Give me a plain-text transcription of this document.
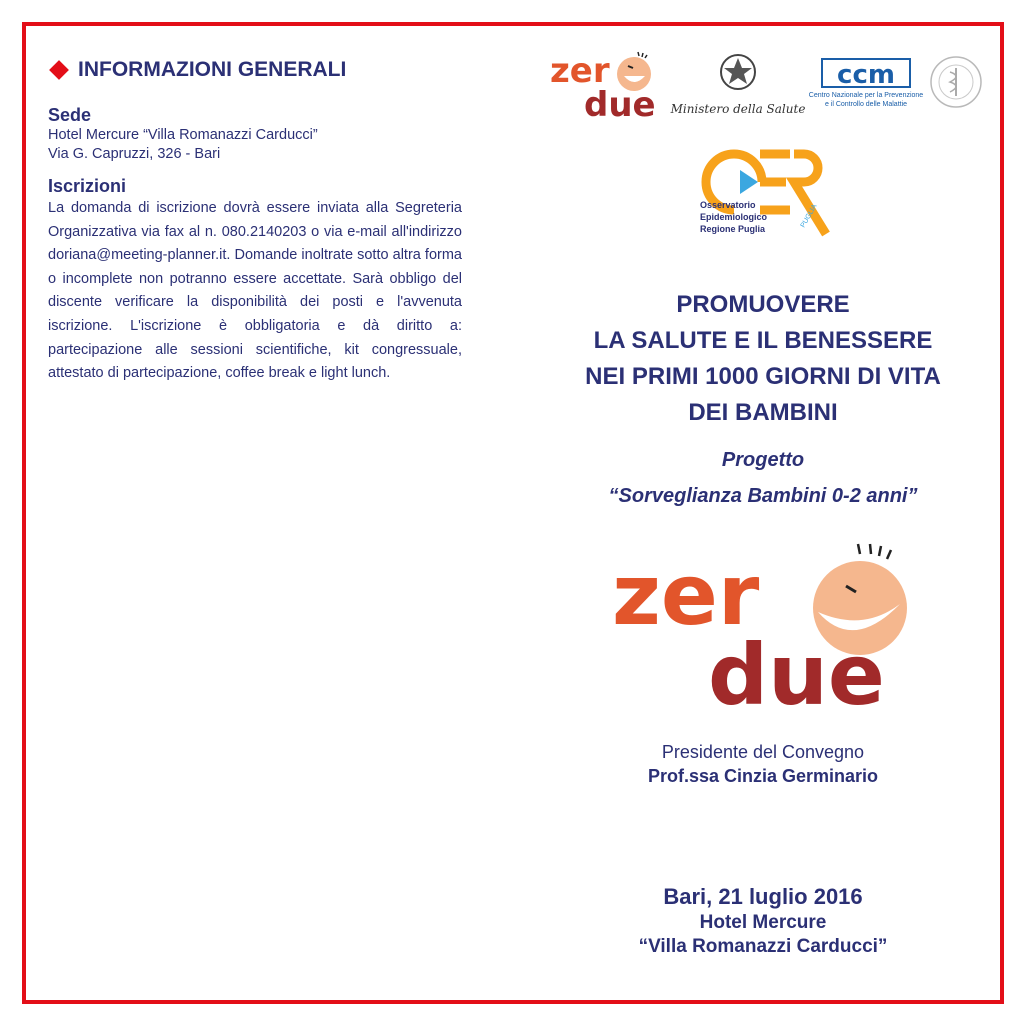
INFORMAZIONI GENERALI

Sede

Hotel Mercure “Villa Romanazzi Carducci”
Via G. Capruzzi, 326 - Bari

Iscrizioni

La domanda di iscrizione dovrà essere inviata alla Segreteria Organizzativa via fax al n. 080.2140203 o via e-mail all'indirizzo doriana@meeting-planner.it. Domande inoltrate sotto altra forma o incomplete non potranno essere accettate. Sarà obbligo del discente verificare la disponibilità dei posti e l'avvenuta iscrizione. L'iscrizione è obbligatoria e dà diritto a: partecipazione alle sessioni scientifiche, kit congressuale, attestato di partecipazione, coffee break e light lunch.

zer
due Ministero della Salute
ccm
Centro Nazionale per la Prevenzione
e il Controllo delle Malattie
PUGLIA
Osservatorio
Epidemiologico
Regione Puglia
PROMUOVERE
LA SALUTE E IL BENESSERE
NEI PRIMI 1000 GIORNI DI VITA
DEI BAMBINI
Progetto
“Sorveglianza Bambini 0-2 anni”
zer
due
Presidente del Convegno
Prof.ssa Cinzia Germinario
Bari, 21 luglio 2016
Hotel Mercure
“Villa Romanazzi Carducci”
